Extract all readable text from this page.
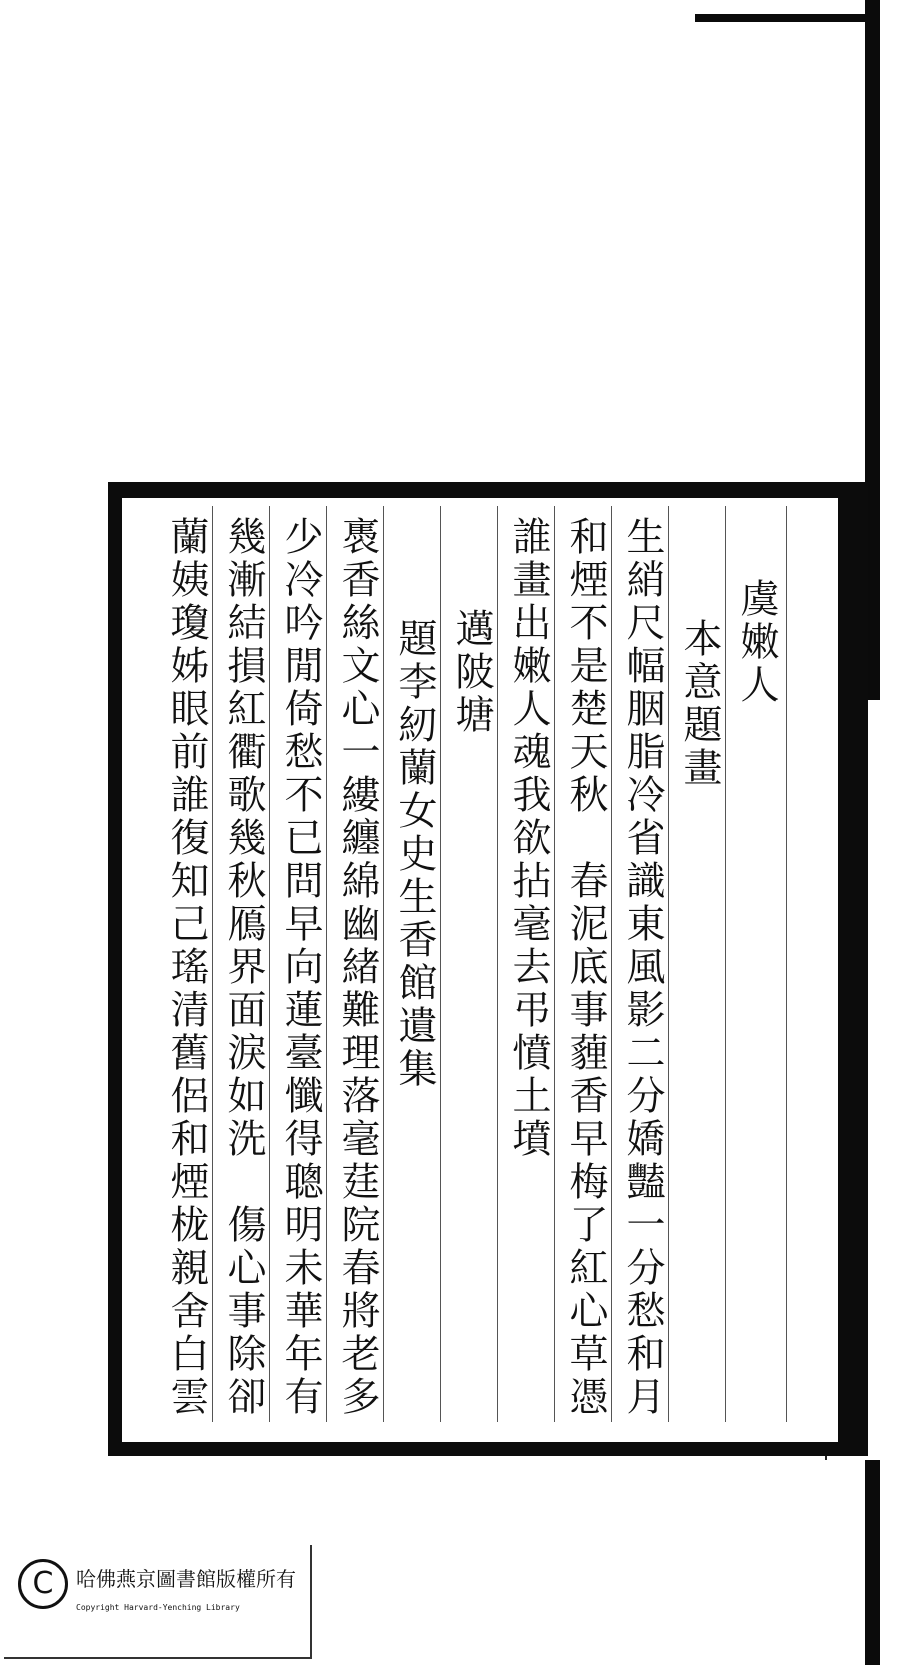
虞嫩人
本意題畫
生綃尺幅胭脂冷省識東風影二分嬌豔一分愁和月
和煙不是楚天秋　春泥底事薶香早梅了紅心草憑
誰畫出嫩人魂我欲拈毫去弔憤土墳
邁陂塘
題李紉蘭女史生香館遺集
褭香絲文心一縷纏綿幽緒難理落毫莛院春將老多
少冷吟閒倚愁不已問早向蓮臺懺得聰明未華年有
幾漸結損紅衢歌幾秋鴈界面淚如洗　傷心事除卻
蘭姨瓊姊眼前誰復知己瑤清舊侶和煙栊親舍白雲
C	哈佛燕京圖書館版權所有
Copyright Harvard-Yenching Library
